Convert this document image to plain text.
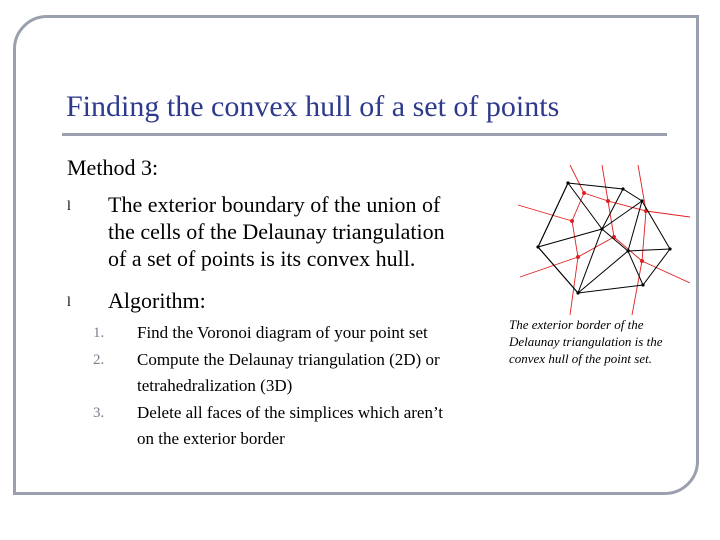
Finding the convex hull of a set of points
Method 3:
l The exterior boundary of the union of
the cells of the Delaunay triangulation
of a set of points is its convex hull.
l Algorithm:
1.	Find the Voronoi diagram of your point set
2.	Compute the Delaunay triangulation (2D) or
tetrahedralization (3D)
3.	Delete all faces of the simplices which aren’t
on the exterior border
The exterior border of the Delaunay triangulation is the convex hull of the point set.
